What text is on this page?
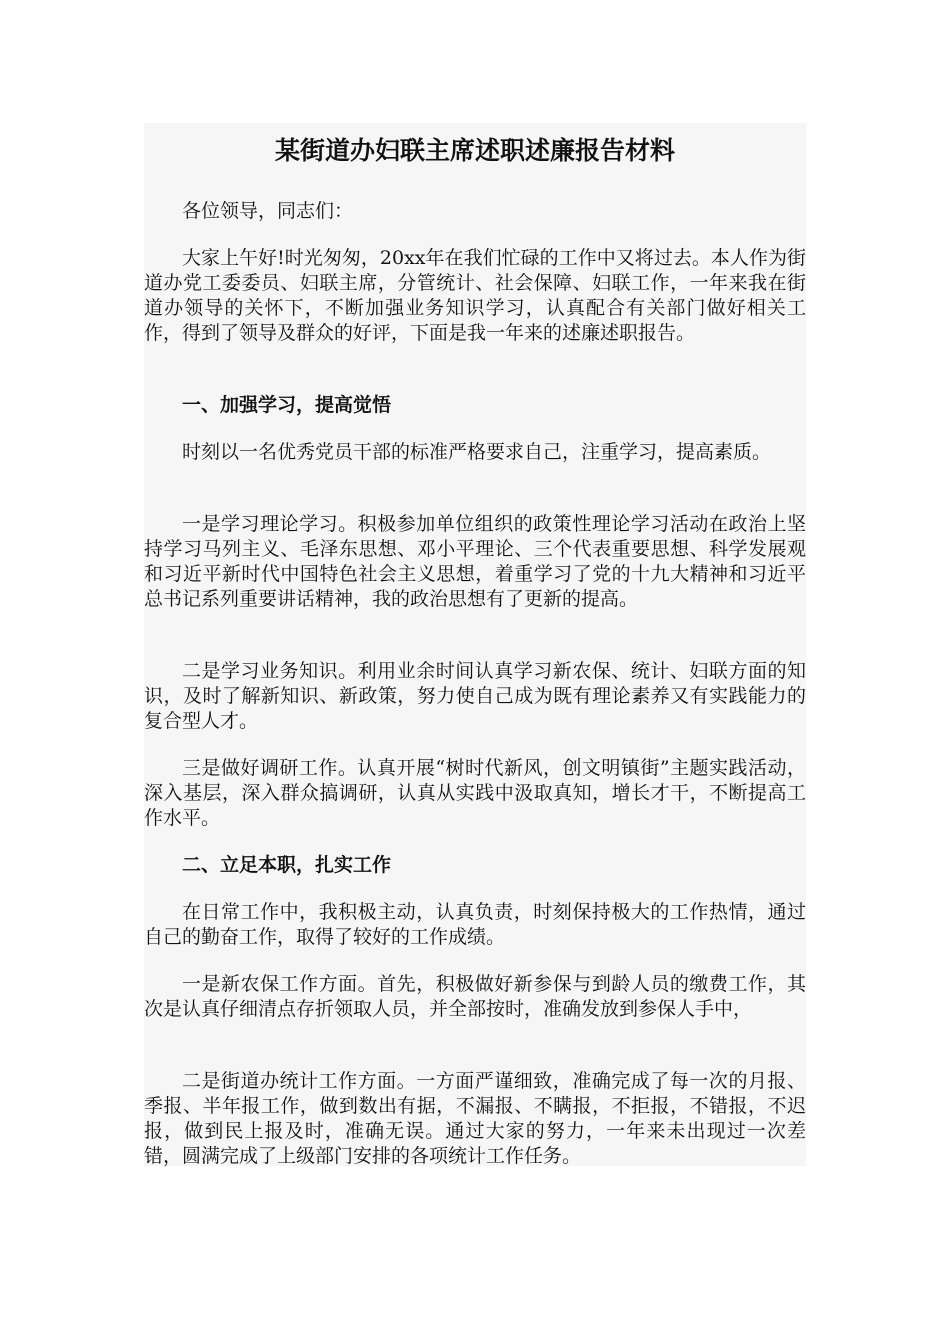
某街道办妇联主席述职述廉报告材料

各位领导，同志们：

大家上午好!时光匆匆，20xx年在我们忙碌的工作中又将过去。本人作为街道办党工委委员、妇联主席，分管统计、社会保障、妇联工作，一年来我在街道办领导的关怀下，不断加强业务知识学习，认真配合有关部门做好相关工作，得到了领导及群众的好评，下面是我一年来的述廉述职报告。

一、加强学习，提高觉悟

时刻以一名优秀党员干部的标准严格要求自己，注重学习，提高素质。

一是学习理论学习。积极参加单位组织的政策性理论学习活动在政治上坚持学习马列主义、毛泽东思想、邓小平理论、三个代表重要思想、科学发展观和习近平新时代中国特色社会主义思想，着重学习了党的十九大精神和习近平总书记系列重要讲话精神，我的政治思想有了更新的提高。

二是学习业务知识。利用业余时间认真学习新农保、统计、妇联方面的知识，及时了解新知识、新政策，努力使自己成为既有理论素养又有实践能力的复合型人才。

三是做好调研工作。认真开展“树时代新风，创文明镇街”主题实践活动，深入基层，深入群众搞调研，认真从实践中汲取真知，增长才干，不断提高工作水平。

二、立足本职，扎实工作

在日常工作中，我积极主动，认真负责，时刻保持极大的工作热情，通过自己的勤奋工作，取得了较好的工作成绩。

一是新农保工作方面。首先，积极做好新参保与到龄人员的缴费工作，其次是认真仔细清点存折领取人员，并全部按时，准确发放到参保人手中，

二是街道办统计工作方面。一方面严谨细致，准确完成了每一次的月报、季报、半年报工作，做到数出有据，不漏报、不瞒报，不拒报，不错报，不迟报，做到民上报及时，准确无误。通过大家的努力，一年来未出现过一次差错，圆满完成了上级部门安排的各项统计工作任务。
